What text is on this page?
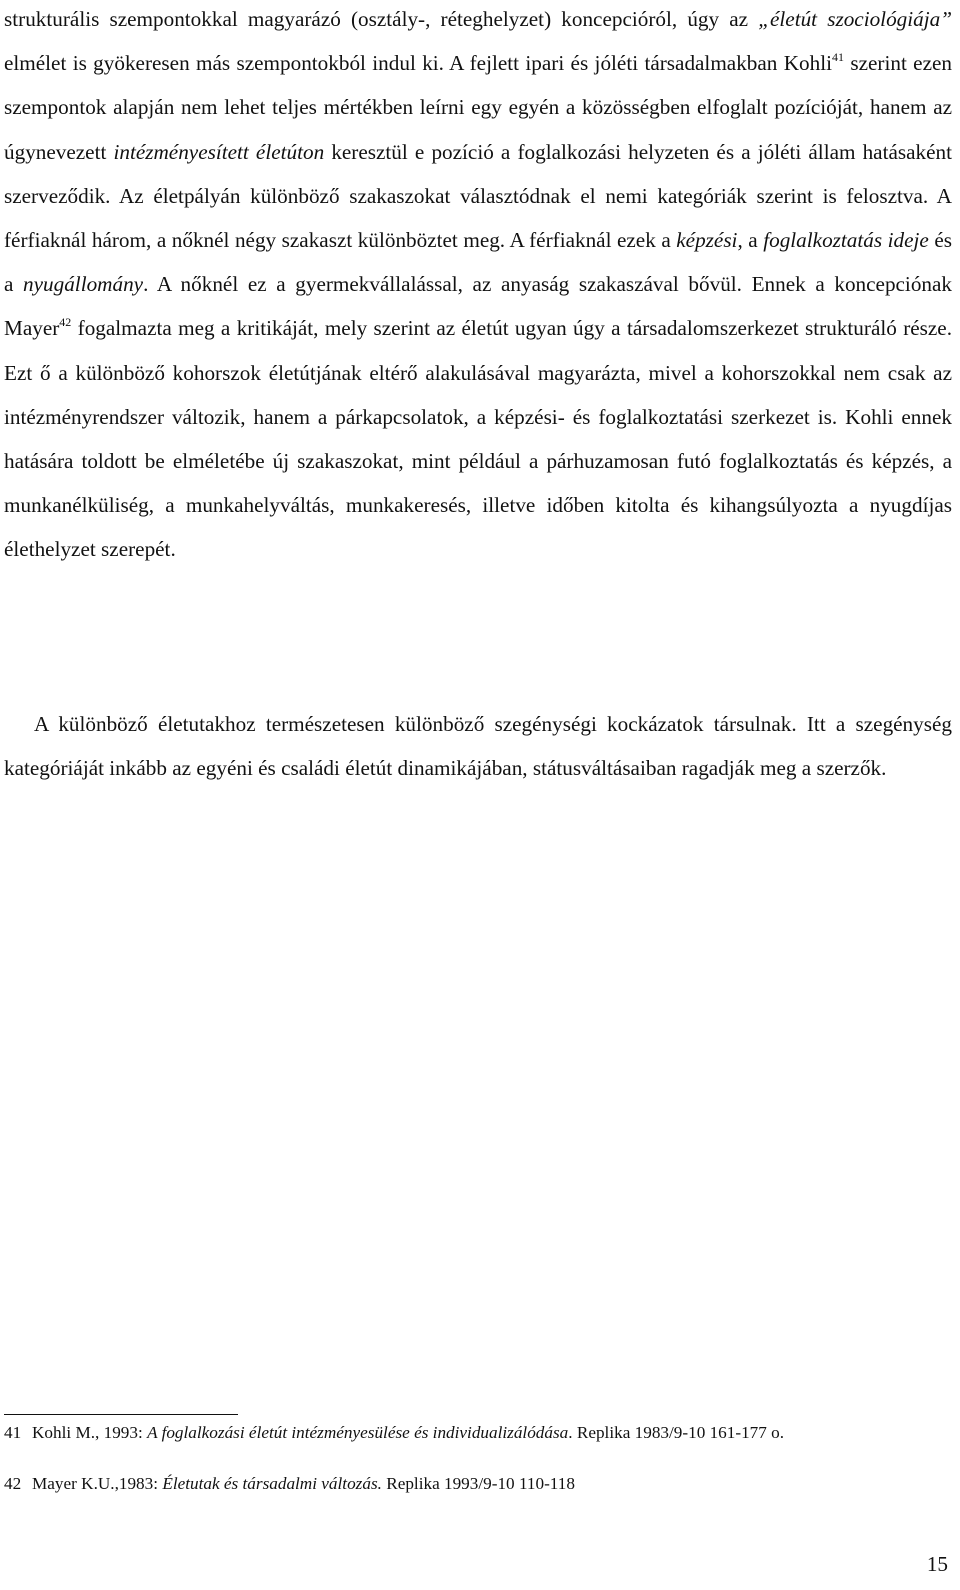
strukturális szempontokkal magyarázó (osztály-, réteghelyzet) koncepcióról, úgy az „életút szociológiája” elmélet is gyökeresen más szempontokból indul ki. A fejlett ipari és jóléti társadalmakban Kohli$^{41}$ szerint ezen szempontok alapján nem lehet teljes mértékben leírni egy egyén a közösségben elfoglalt pozícióját, hanem az úgynevezett intézményesített életúton keresztül e pozíció a foglalkozási helyzeten és a jóléti állam hatásaként szerveződik. Az életpályán különböző szakaszokat választódnak el nemi kategóriák szerint is felosztva. A férfiaknál három, a nőknél négy szakaszt különböztet meg. A férfiaknál ezek a képzési, a foglalkoztatás ideje és a nyugállomány. A nőknél ez a gyermekvállalással, az anyaság szakaszával bővül. Ennek a koncepciónak Mayer$^{42}$ fogalmazta meg a kritikáját, mely szerint az életút ugyan úgy a társadalomszerkezet strukturáló része. Ezt ő a különböző kohorszok életútjának eltérő alakulásával magyarázta, mivel a kohorszokkal nem csak az intézményrendszer változik, hanem a párkapcsolatok, a képzési- és foglalkoztatási szerkezet is. Kohli ennek hatására toldott be elméletébe új szakaszokat, mint például a párhuzamosan futó foglalkoztatás és képzés, a munkanélküliség, a munkahelyváltás, munkakeresés, illetve időben kitolta és kihangsúlyozta a nyugdíjas élethelyzet szerepét.

A különböző életutakhoz természetesen különböző szegénységi kockázatok társulnak. Itt a szegénység kategóriáját inkább az egyéni és családi életút dinamikájában, státusváltásaiban ragadják meg a szerzők.

41 Kohli M., 1993: A foglalkozási életút intézményesülése és individualizálódása. Replika 1983/9-10 161-177 o.

42 Mayer K.U.,1983: Életutak és társadalmi változás. Replika 1993/9-10 110-118

15
